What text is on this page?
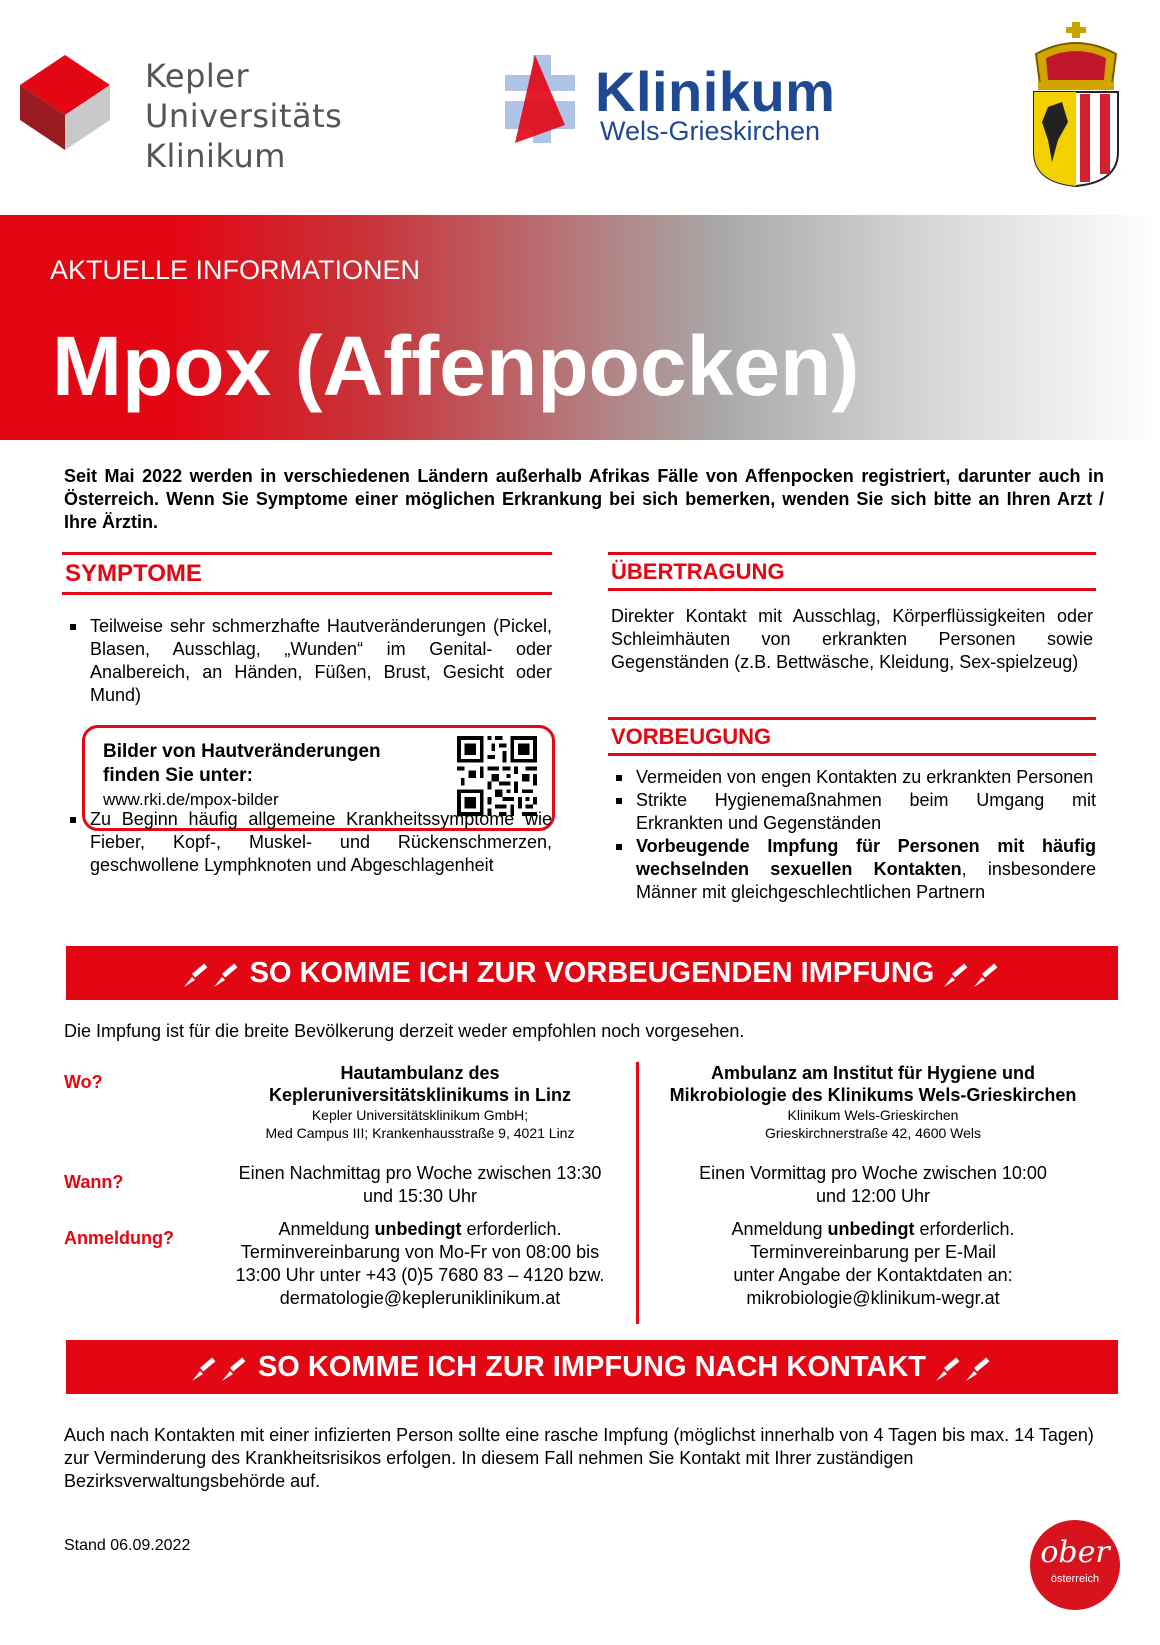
Kepler
Universitäts
Klinikum
Klinikum
Wels-Grieskirchen
AKTUELLE INFORMATIONEN
Mpox (Affenpocken)
Seit Mai 2022 werden in verschiedenen Ländern außerhalb Afrikas Fälle von Affenpocken registriert, darunter auch in Österreich. Wenn Sie Symptome einer möglichen Erkrankung bei sich bemerken, wenden Sie sich bitte an Ihren Arzt / Ihre Ärztin.
SYMPTOME
Teilweise sehr schmerzhafte Hautveränderungen (Pickel, Blasen, Ausschlag, „Wunden“ im Genital- oder Analbereich, an Händen, Füßen, Brust, Gesicht oder Mund)
Bilder von Hautveränderungen
finden Sie unter:
www.rki.de/mpox-bilder
Zu Beginn häufig allgemeine Krankheitssymptome wie Fieber, Kopf-, Muskel- und Rückenschmerzen, geschwollene Lymphknoten und Abgeschlagenheit
ÜBERTRAGUNG
Direkter Kontakt mit Ausschlag, Körperflüssigkeiten oder Schleimhäuten von erkrankten Personen sowie Gegenständen (z.B. Bettwäsche, Kleidung, Sex-spielzeug)
VORBEUGUNG
Vermeiden von engen Kontakten zu erkrankten Personen
Strikte Hygienemaßnahmen beim Umgang mit Erkrankten und Gegenständen
Vorbeugende Impfung für Personen mit häufig wechselnden sexuellen Kontakten, insbesondere Männer mit gleichgeschlechtlichen Partnern
SO KOMME ICH ZUR VORBEUGENDEN IMPFUNG
Die Impfung ist für die breite Bevölkerung derzeit weder empfohlen noch vorgesehen.
Wo?
Wann?
Anmeldung?
Hautambulanz des
Kepleruniversitätsklinikums in Linz
Kepler Universitätsklinikum GmbH;
Med Campus III; Krankenhausstraße 9, 4021 Linz
Einen Nachmittag pro Woche zwischen 13:30
und 15:30 Uhr
Anmeldung unbedingt erforderlich.
Terminvereinbarung von Mo-Fr von 08:00 bis
13:00 Uhr unter +43 (0)5 7680 83 – 4120 bzw.
dermatologie@kepleruniklinikum.at
Ambulanz am Institut für Hygiene und
Mikrobiologie des Klinikums Wels-Grieskirchen
Klinikum Wels-Grieskirchen
Grieskirchnerstraße 42, 4600 Wels
Einen Vormittag pro Woche zwischen 10:00
und 12:00 Uhr
Anmeldung unbedingt erforderlich.
Terminvereinbarung per E-Mail
unter Angabe der Kontaktdaten an:
mikrobiologie@klinikum-wegr.at
SO KOMME ICH ZUR IMPFUNG NACH KONTAKT
Auch nach Kontakten mit einer infizierten Person sollte eine rasche Impfung (möglichst innerhalb von 4 Tagen bis max. 14 Tagen) zur Verminderung des Krankheitsrisikos erfolgen. In diesem Fall nehmen Sie Kontakt mit Ihrer zuständigen Bezirksverwaltungsbehörde auf.
Stand 06.09.2022	ober
österreich
